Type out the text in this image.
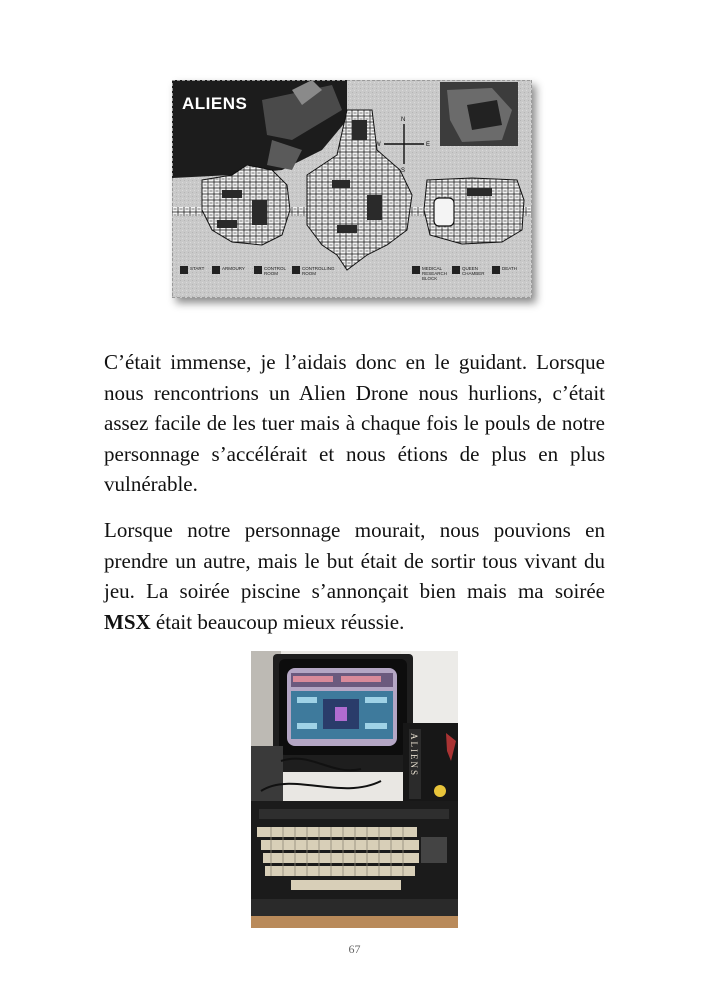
N
S
E
W
ALIENS
START	ARMOURY	CONTROL ROOM
CONTROLLING ROOM
MEDICAL RESEARCH BLOCK
QUEEN CHAMBER
DEATH

C’était immense, je l’aidais donc en le guidant. Lorsque nous rencontrions un Alien Drone nous hurlions, c’était assez facile de les tuer mais à chaque fois le pouls de notre personnage s’accélérait et nous étions de plus en plus vulnérable.

Lorsque notre personnage mourait, nous pouvions en prendre un autre, mais le but était de sortir tous vivant du jeu. La soirée piscine s’annonçait bien mais ma soirée MSX était beaucoup mieux réussie.

ALIENS
67
